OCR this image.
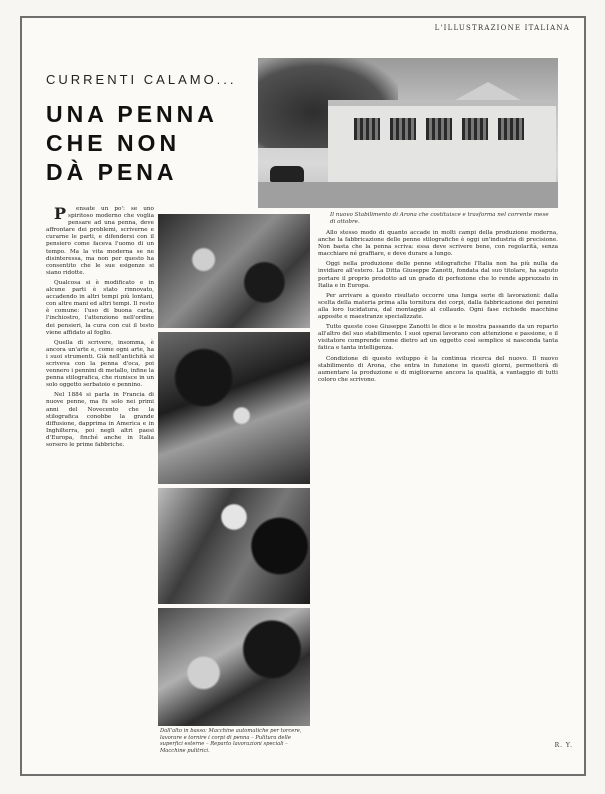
L'ILLUSTRAZIONE ITALIANA
CURRENTI CALAMO...
UNA PENNA
CHE NON
DÀ PENA
Il nuovo Stabilimento di Arona che costituisce e trasforma nel corrente mese di ottobre.
Dall'alto in basso: Macchine automatiche per torcere, lavorare e tornire i corpi di penna – Pulitura delle superfici esterne – Reparto lavorazioni speciali – Macchine pulitrici.

P ensate un po': se uno spiritoso moderno che voglia pensare ad una penna, deve affrontare dei problemi, scriverne e curarne le parti, e difendersi con il pensiero come faceva l'uomo di un tempo. Ma la vita moderna se ne disinteressa, ma non per questo ha consentito che le sue esigenze si siano ridotte.

Qualcosa si è modificato e in alcune parti è stato rinnovato, accadendo in altri tempi più lontani, con altre mani ed altri tempi. Il resto è comune: l'uso di buona carta, l'inchiostro, l'attenzione nell'ordine dei pensieri, la cura con cui il testo viene affidato al foglio.

Quella di scrivere, insomma, è ancora un'arte e, come ogni arte, ha i suoi strumenti. Già nell'antichità si scriveva con la penna d'oca, poi vennero i pennini di metallo, infine la penna stilografica, che riunisce in un solo oggetto serbatoio e pennino.

Nel 1884 si parla in Francia di nuove penne, ma fu solo nei primi anni del Novecento che la stilografica conobbe la grande diffusione, dapprima in America e in Inghilterra, poi negli altri paesi d'Europa, finché anche in Italia sorsero le prime fabbriche.

Allo stesso modo di quanto accade in molti campi della produzione moderna, anche la fabbricazione delle penne stilografiche è oggi un'industria di precisione. Non basta che la penna scriva: essa deve scrivere bene, con regolarità, senza macchiare né graffiare, e deve durare a lungo.

Oggi nella produzione delle penne stilografiche l'Italia non ha più nulla da invidiare all'estero. La Ditta Giuseppe Zanotti, fondata dal suo titolare, ha saputo portare il proprio prodotto ad un grado di perfezione che lo rende apprezzato in Italia e in Europa.

Per arrivare a questo risultato occorre una lunga serie di lavorazioni: dalla scelta della materia prima alla tornitura dei corpi, dalla fabbricazione dei pennini alla loro lucidatura, dal montaggio al collaudo. Ogni fase richiede macchine apposite e maestranze specializzate.

Tutte queste cose Giuseppe Zanotti le dice e le mostra passando da un reparto all'altro del suo stabilimento. I suoi operai lavorano con attenzione e passione, e il visitatore comprende come dietro ad un oggetto così semplice si nasconda tanta fatica e tanta intelligenza.

Condizione di questo sviluppo è la continua ricerca del nuovo. Il nuovo stabilimento di Arona, che entra in funzione in questi giorni, permetterà di aumentare la produzione e di migliorarne ancora la qualità, a vantaggio di tutti coloro che scrivono.

R. Y.
